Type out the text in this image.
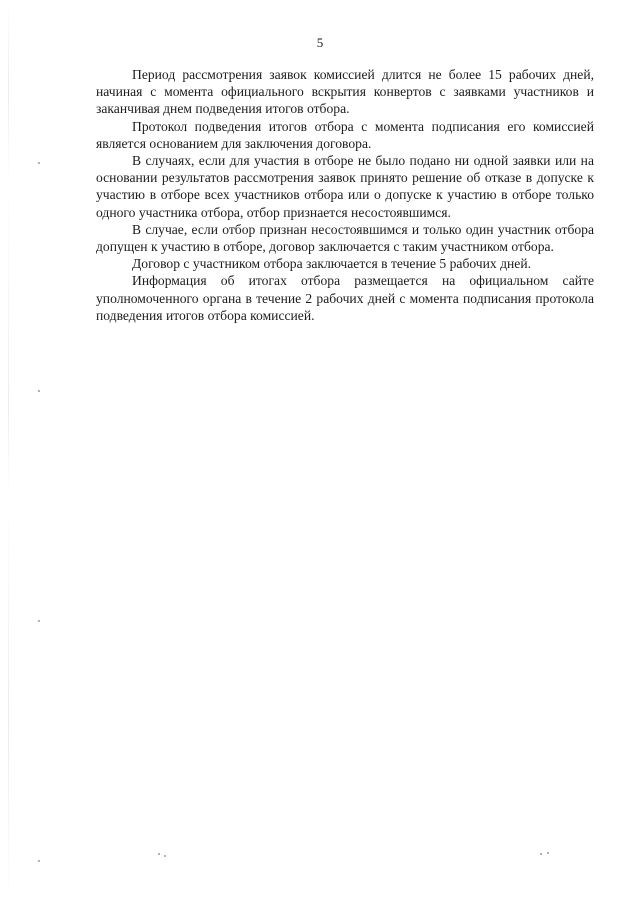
5

Период рассмотрения заявок комиссией длится не более 15 рабочих дней, начиная с момента официального вскрытия конвертов с заявками участников и заканчивая днем подведения итогов отбора.

Протокол подведения итогов отбора с момента подписания его комиссией является основанием для заключения договора.

В случаях, если для участия в отборе не было подано ни одной заявки или на основании результатов рассмотрения заявок принято решение об отказе в допуске к участию в отборе всех участников отбора или о допуске к участию в отборе только одного участника отбора, отбор признается несостоявшимся.

В случае, если отбор признан несостоявшимся и только один участник отбора допущен к участию в отборе, договор заключается с таким участником отбора.

Договор с участником отбора заключается в течение 5 рабочих дней.

Информация об итогах отбора размещается на официальном сайте уполномоченного органа в течение 2 рабочих дней с момента подписания протокола подведения итогов отбора комиссией.
